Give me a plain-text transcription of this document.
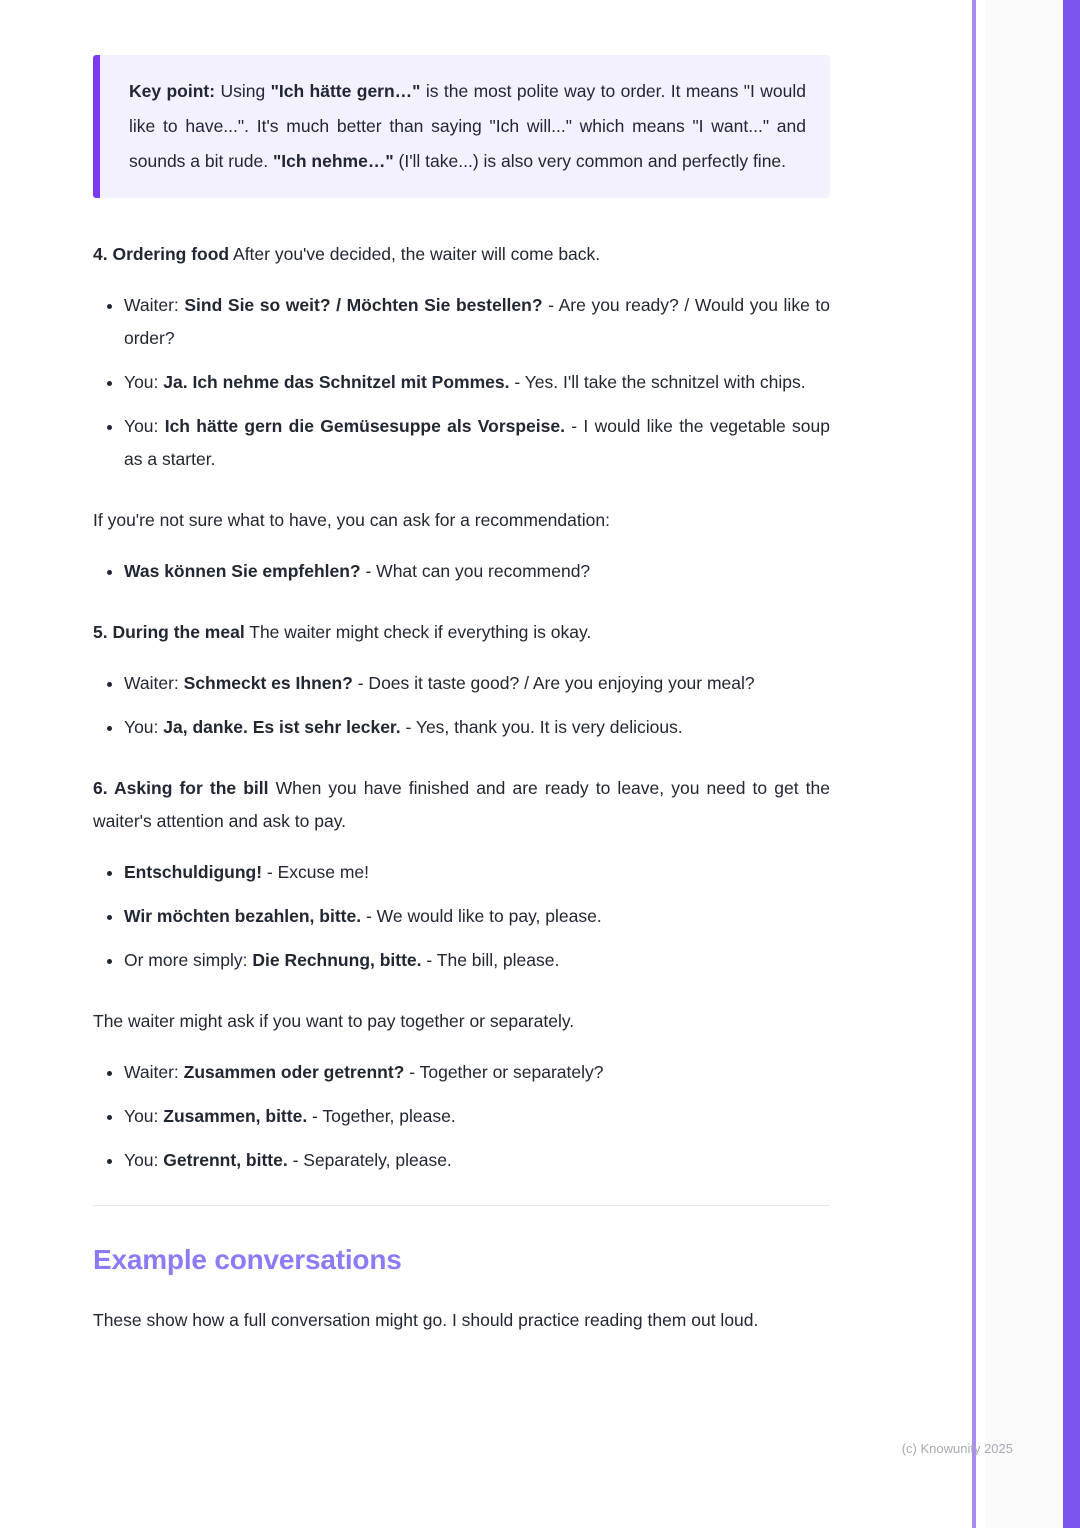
(c) Knowunity 2025

Key point: Using "Ich hätte gern…" is the most polite way to order. It means "I would like to have...". It's much better than saying "Ich will..." which means "I want..." and sounds a bit rude. "Ich nehme…" (I'll take...) is also very common and perfectly fine.

4. Ordering food After you've decided, the waiter will come back.

• Waiter: Sind Sie so weit? / Möchten Sie bestellen? - Are you ready? / Would you like to order?
• You: Ja. Ich nehme das Schnitzel mit Pommes. - Yes. I'll take the schnitzel with chips.
• You: Ich hätte gern die Gemüsesuppe als Vorspeise. - I would like the vegetable soup as a starter.

If you're not sure what to have, you can ask for a recommendation:

• Was können Sie empfehlen? - What can you recommend?

5. During the meal The waiter might check if everything is okay.

• Waiter: Schmeckt es Ihnen? - Does it taste good? / Are you enjoying your meal?
• You: Ja, danke. Es ist sehr lecker. - Yes, thank you. It is very delicious.

6. Asking for the bill When you have finished and are ready to leave, you need to get the waiter's attention and ask to pay.

• Entschuldigung! - Excuse me!
• Wir möchten bezahlen, bitte. - We would like to pay, please.
• Or more simply: Die Rechnung, bitte. - The bill, please.

The waiter might ask if you want to pay together or separately.

• Waiter: Zusammen oder getrennt? - Together or separately?
• You: Zusammen, bitte. - Together, please.
• You: Getrennt, bitte. - Separately, please.
Example conversations

These show how a full conversation might go. I should practice reading them out loud.
